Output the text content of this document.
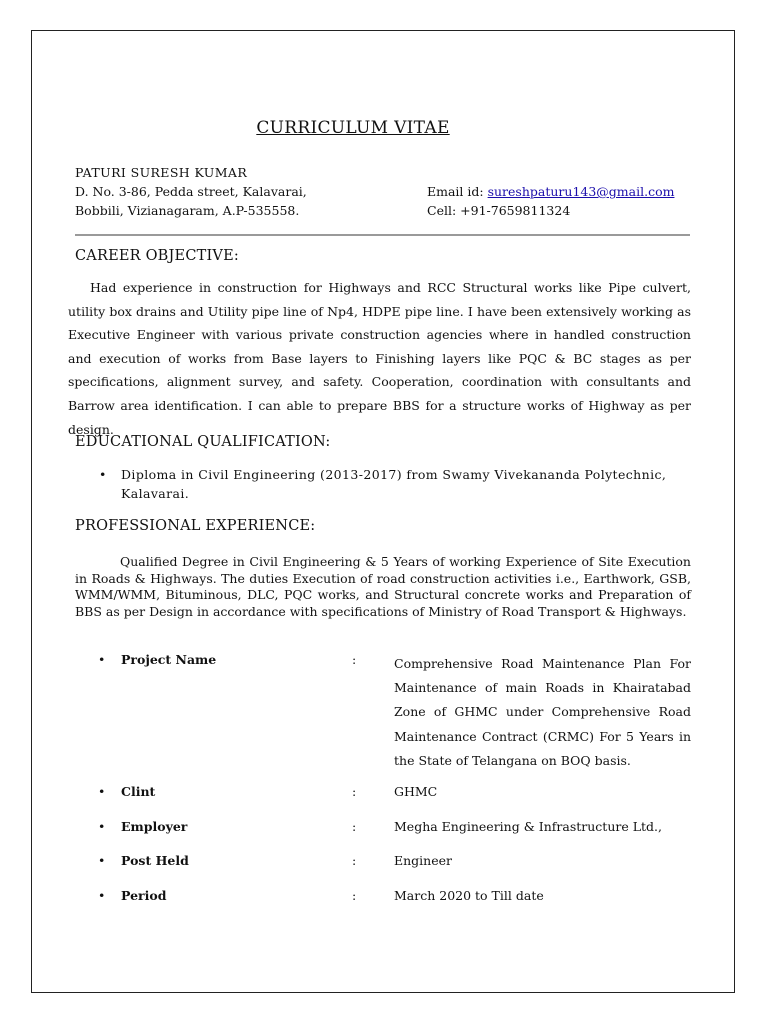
CURRICULUM VITAE
PATURI SURESH KUMAR
D. No. 3-86, Pedda street, Kalavarai,
Bobbili, Vizianagaram, A.P-535558.
Email id: sureshpaturu143@gmail.com
Cell: +91-7659811324
CAREER OBJECTIVE:

Had experience in construction for Highways and RCC Structural works like Pipe culvert, utility box drains and Utility pipe line of Np4, HDPE pipe line. I have been extensively working as Executive Engineer with various private construction agencies where in handled construction and execution of works from Base layers to Finishing layers like PQC & BC stages as per specifications, alignment survey, and safety. Cooperation, coordination with consultants and Barrow area identification. I can able to prepare BBS for a structure works of Highway as per design.

EDUCATIONAL QUALIFICATION:
• Diploma in Civil Engineering (2013-2017) from Swamy Vivekananda Polytechnic, Kalavarai.
PROFESSIONAL EXPERIENCE:

Qualified Degree in Civil Engineering & 5 Years of working Experience of Site Execution in Roads & Highways. The duties Execution of road construction activities i.e., Earthwork, GSB, WMM/WMM, Bituminous, DLC, PQC works, and Structural concrete works and Preparation of BBS as per Design in accordance with specifications of Ministry of Road Transport & Highways.

• Project Name	:	Comprehensive Road Maintenance Plan For Maintenance of main Roads in Khairatabad Zone of GHMC under Comprehensive Road Maintenance Contract (CRMC) For 5 Years in the State of Telangana on BOQ basis.
• Clint	:	GHMC
• Employer	:	Megha Engineering & Infrastructure Ltd.,
• Post Held	:	Engineer
• Period	:	March 2020 to Till date
